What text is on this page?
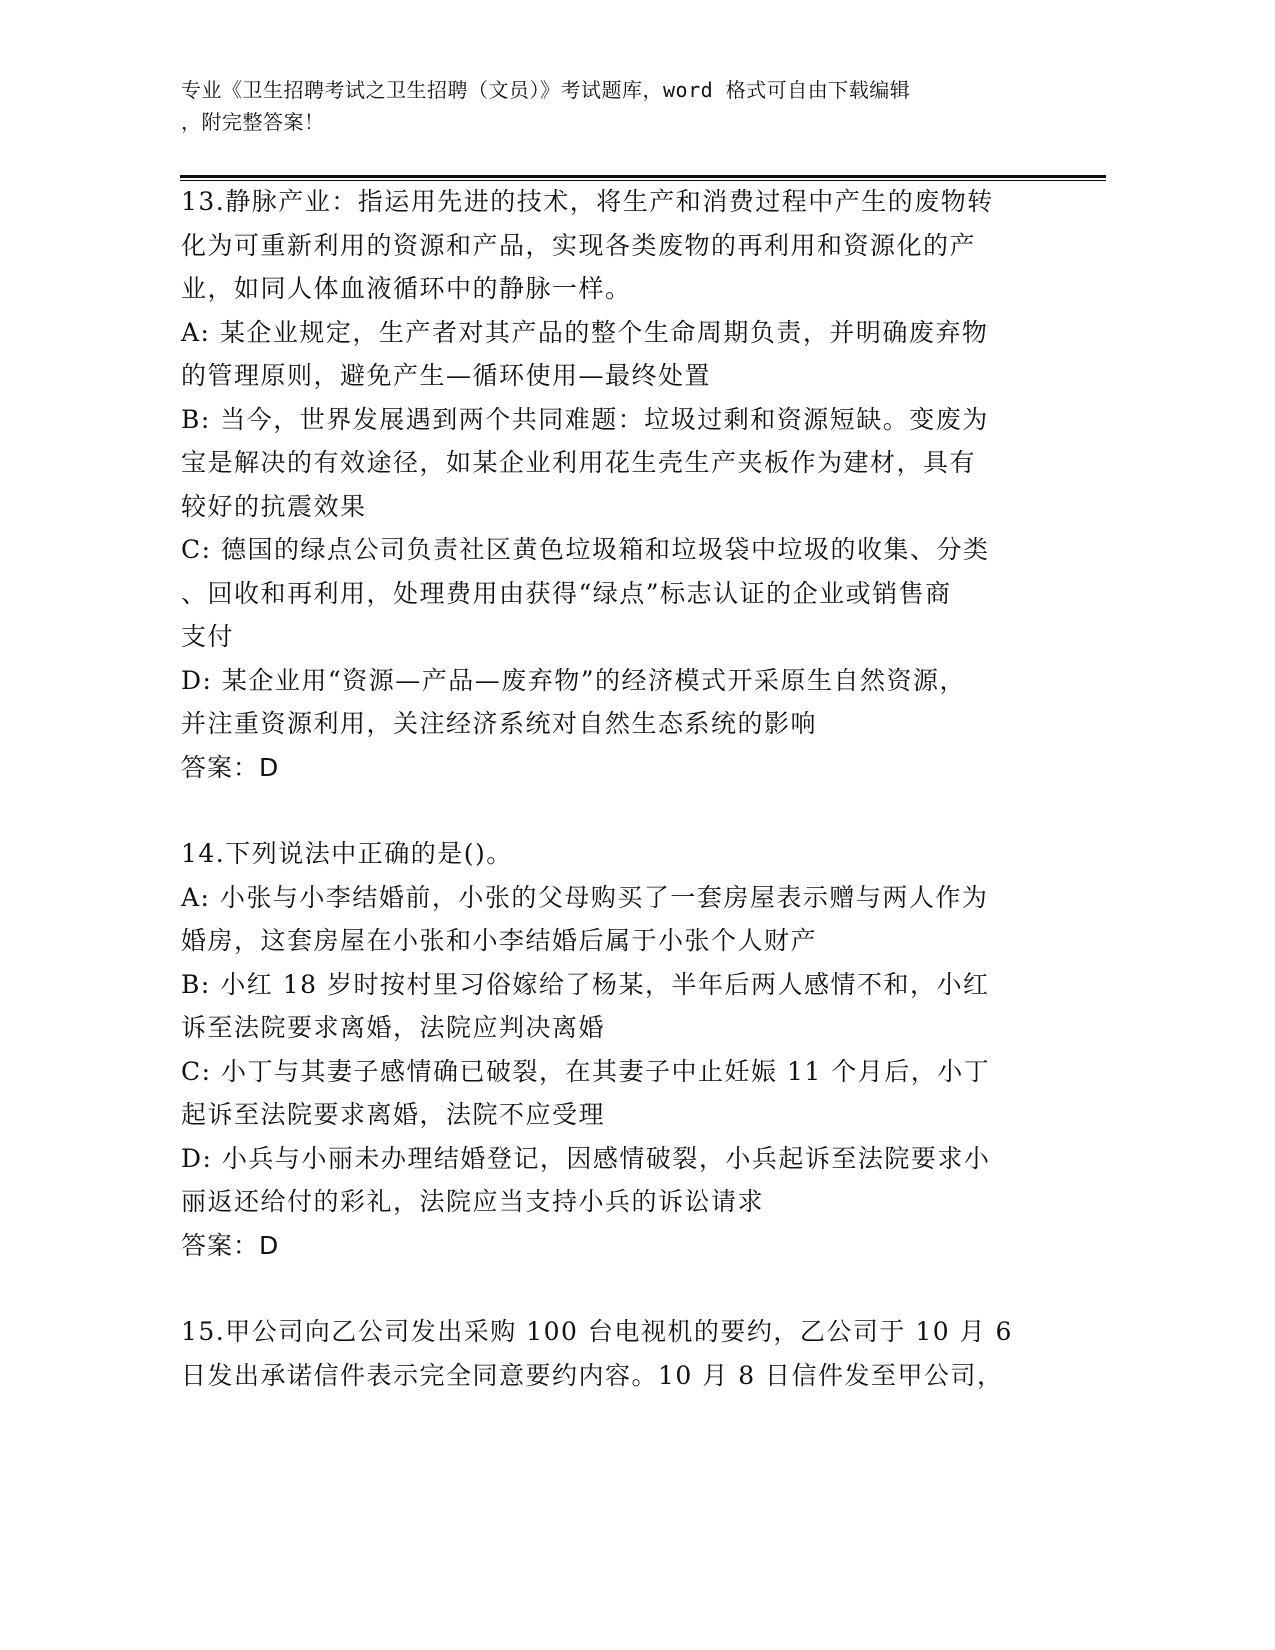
专业《卫生招聘考试之卫生招聘（文员）》考试题库，word 格式可自由下载编辑

，附完整答案！

13.静脉产业：指运用先进的技术，将生产和消费过程中产生的废物转

化为可重新利用的资源和产品，实现各类废物的再利用和资源化的产

业，如同人体血液循环中的静脉一样。

A: 某企业规定，生产者对其产品的整个生命周期负责，并明确废弃物

的管理原则，避免产生—循环使用—最终处置

B: 当今，世界发展遇到两个共同难题：垃圾过剩和资源短缺。变废为

宝是解决的有效途径，如某企业利用花生壳生产夹板作为建材，具有

较好的抗震效果

C: 德国的绿点公司负责社区黄色垃圾箱和垃圾袋中垃圾的收集、分类

、回收和再利用，处理费用由获得“绿点”标志认证的企业或销售商

支付

D: 某企业用“资源—产品—废弃物”的经济模式开采原生自然资源，

并注重资源利用，关注经济系统对自然生态系统的影响

答案：D

14.下列说法中正确的是()。

A: 小张与小李结婚前，小张的父母购买了一套房屋表示赠与两人作为

婚房，这套房屋在小张和小李结婚后属于小张个人财产

B: 小红 18 岁时按村里习俗嫁给了杨某，半年后两人感情不和，小红

诉至法院要求离婚，法院应判决离婚

C: 小丁与其妻子感情确已破裂，在其妻子中止妊娠 11 个月后，小丁

起诉至法院要求离婚，法院不应受理

D: 小兵与小丽未办理结婚登记，因感情破裂，小兵起诉至法院要求小

丽返还给付的彩礼，法院应当支持小兵的诉讼请求

答案：D

15.甲公司向乙公司发出采购 100 台电视机的要约，乙公司于 10 月 6

日发出承诺信件表示完全同意要约内容。10 月 8 日信件发至甲公司，
